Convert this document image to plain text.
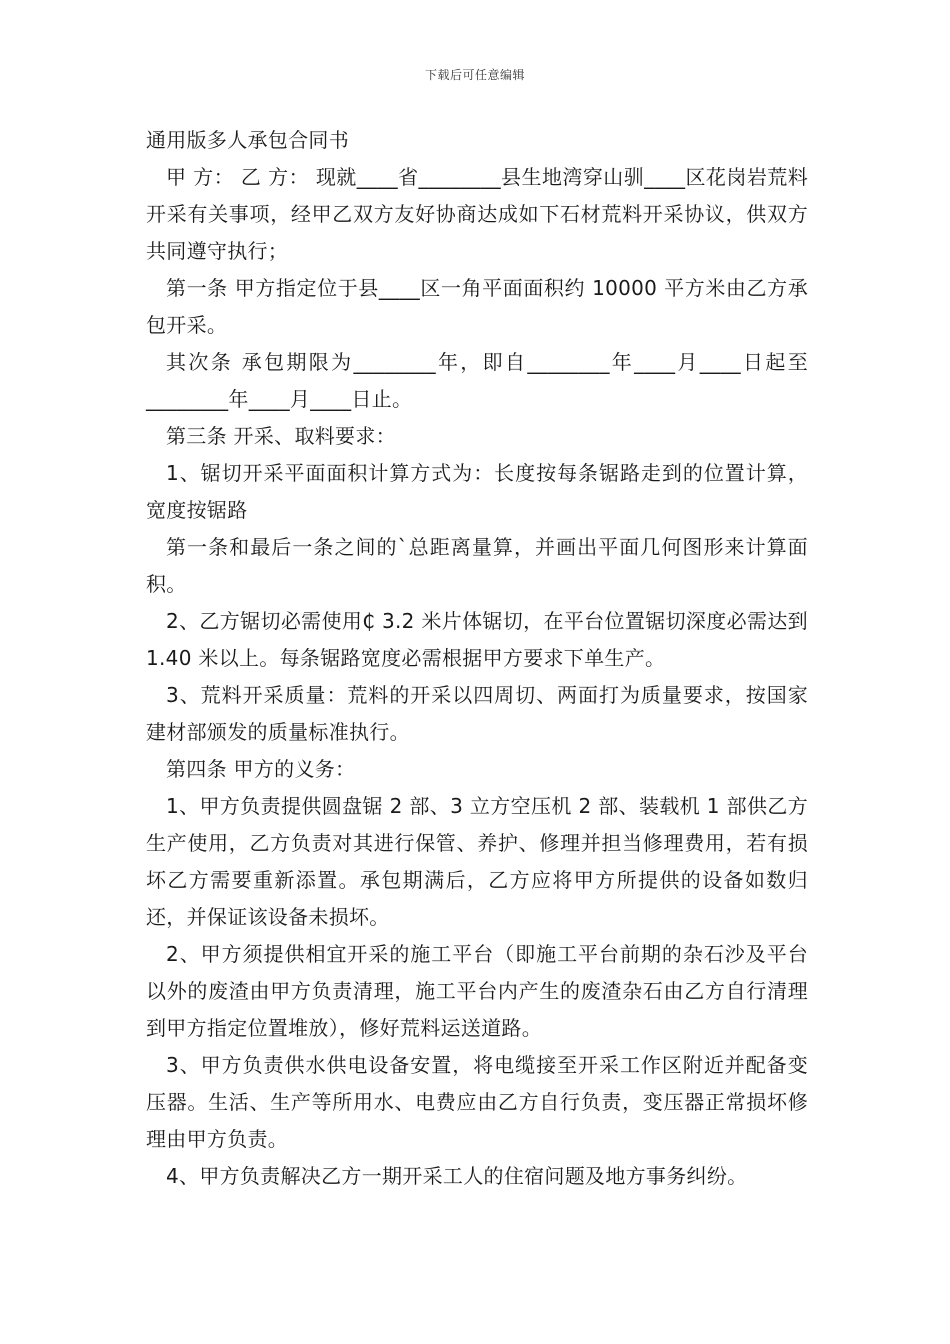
下载后可任意编辑

通用版多人承包合同书

甲 方： 乙 方： 现就____省________县生地湾穿山驯____区花岗岩荒料开采有关事项，经甲乙双方友好协商达成如下石材荒料开采协议，供双方共同遵守执行；

第一条 甲方指定位于县____区一角平面面积约 10000 平方米由乙方承包开采。

其次条 承包期限为________年，即自________年____月____日起至________年____月____日止。

第三条 开采、取料要求：

1、锯切开采平面面积计算方式为：长度按每条锯路走到的位置计算，宽度按锯路

第一条和最后一条之间的`总距离量算，并画出平面几何图形来计算面积。

2、乙方锯切必需使用₵ 3.2 米片体锯切，在平台位置锯切深度必需达到 1.40 米以上。每条锯路宽度必需根据甲方要求下单生产。

3、荒料开采质量：荒料的开采以四周切、两面打为质量要求，按国家建材部颁发的质量标准执行。

第四条 甲方的义务：

1、甲方负责提供圆盘锯 2 部、3 立方空压机 2 部、装载机 1 部供乙方生产使用，乙方负责对其进行保管、养护、修理并担当修理费用，若有损坏乙方需要重新添置。承包期满后，乙方应将甲方所提供的设备如数归还，并保证该设备未损坏。

2、甲方须提供相宜开采的施工平台（即施工平台前期的杂石沙及平台以外的废渣由甲方负责清理，施工平台内产生的废渣杂石由乙方自行清理到甲方指定位置堆放），修好荒料运送道路。

3、甲方负责供水供电设备安置，将电缆接至开采工作区附近并配备变压器。生活、生产等所用水、电费应由乙方自行负责，变压器正常损坏修理由甲方负责。

4、甲方负责解决乙方一期开采工人的住宿问题及地方事务纠纷。
